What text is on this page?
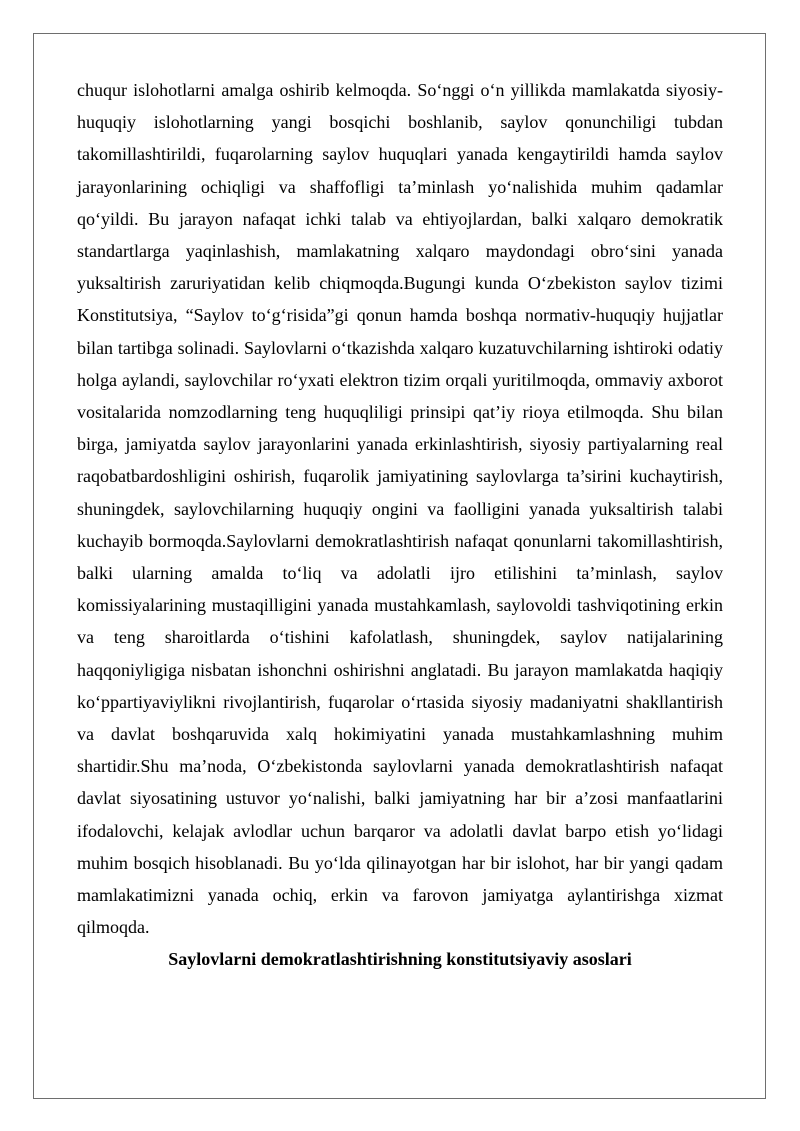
chuqur islohotlarni amalga oshirib kelmoqda. So‘nggi o‘n yillikda mamlakatda siyosiy- huquqiy islohotlarning yangi bosqichi boshlanib, saylov qonunchiligi tubdan takomillashtirildi, fuqarolarning saylov huquqlari yanada kengaytirildi hamda saylov jarayonlarining ochiqligi va shaffofligi ta’minlash yo‘nalishida muhim qadamlar qo‘yildi. Bu jarayon nafaqat ichki talab va ehtiyojlardan, balki xalqaro demokratik standartlarga yaqinlashish, mamlakatning xalqaro maydondagi obro‘sini yanada yuksaltirish zaruriyatidan kelib chiqmoqda.Bugungi kunda O‘zbekiston saylov tizimi Konstitutsiya, “Saylov to‘g‘risida”gi qonun hamda boshqa normativ-huquqiy hujjatlar bilan tartibga solinadi. Saylovlarni o‘tkazishda xalqaro kuzatuvchilarning ishtiroki odatiy holga aylandi, saylovchilar ro‘yxati elektron tizim orqali yuritilmoqda, ommaviy axborot vositalarida nomzodlarning teng huquqliligi prinsipi qat’iy rioya etilmoqda. Shu bilan birga, jamiyatda saylov jarayonlarini yanada erkinlashtirish, siyosiy partiyalarning real raqobatbardoshligini oshirish, fuqarolik jamiyatining saylovlarga ta’sirini kuchaytirish, shuningdek, saylovchilarning huquqiy ongini va faolligini yanada yuksaltirish talabi kuchayib bormoqda.Saylovlarni demokratlashtirish nafaqat qonunlarni takomillashtirish, balki ularning amalda to‘liq va adolatli ijro etilishini ta’minlash, saylov komissiyalarining mustaqilligini yanada mustahkamlash, saylovoldi tashviqotining erkin va teng sharoitlarda o‘tishini kafolatlash, shuningdek, saylov natijalarining haqqoniyligiga nisbatan ishonchni oshirishni anglatadi. Bu jarayon mamlakatda haqiqiy ko‘ppartiyaviylikni rivojlantirish, fuqarolar o‘rtasida siyosiy madaniyatni shakllantirish va davlat boshqaruvida xalq hokimiyatini yanada mustahkamlashning muhim shartidir.Shu ma’noda, O‘zbekistonda saylovlarni yanada demokratlashtirish nafaqat davlat siyosatining ustuvor yo‘nalishi, balki jamiyatning har bir a’zosi manfaatlarini ifodalovchi, kelajak avlodlar uchun barqaror va adolatli davlat barpo etish yo‘lidagi muhim bosqich hisoblanadi. Bu yo‘lda qilinayotgan har bir islohot, har bir yangi qadam mamlakatimizni yanada ochiq, erkin va farovon jamiyatga aylantirishga xizmat qilmoqda.

Saylovlarni demokratlashtirishning konstitutsiyaviy asoslari
